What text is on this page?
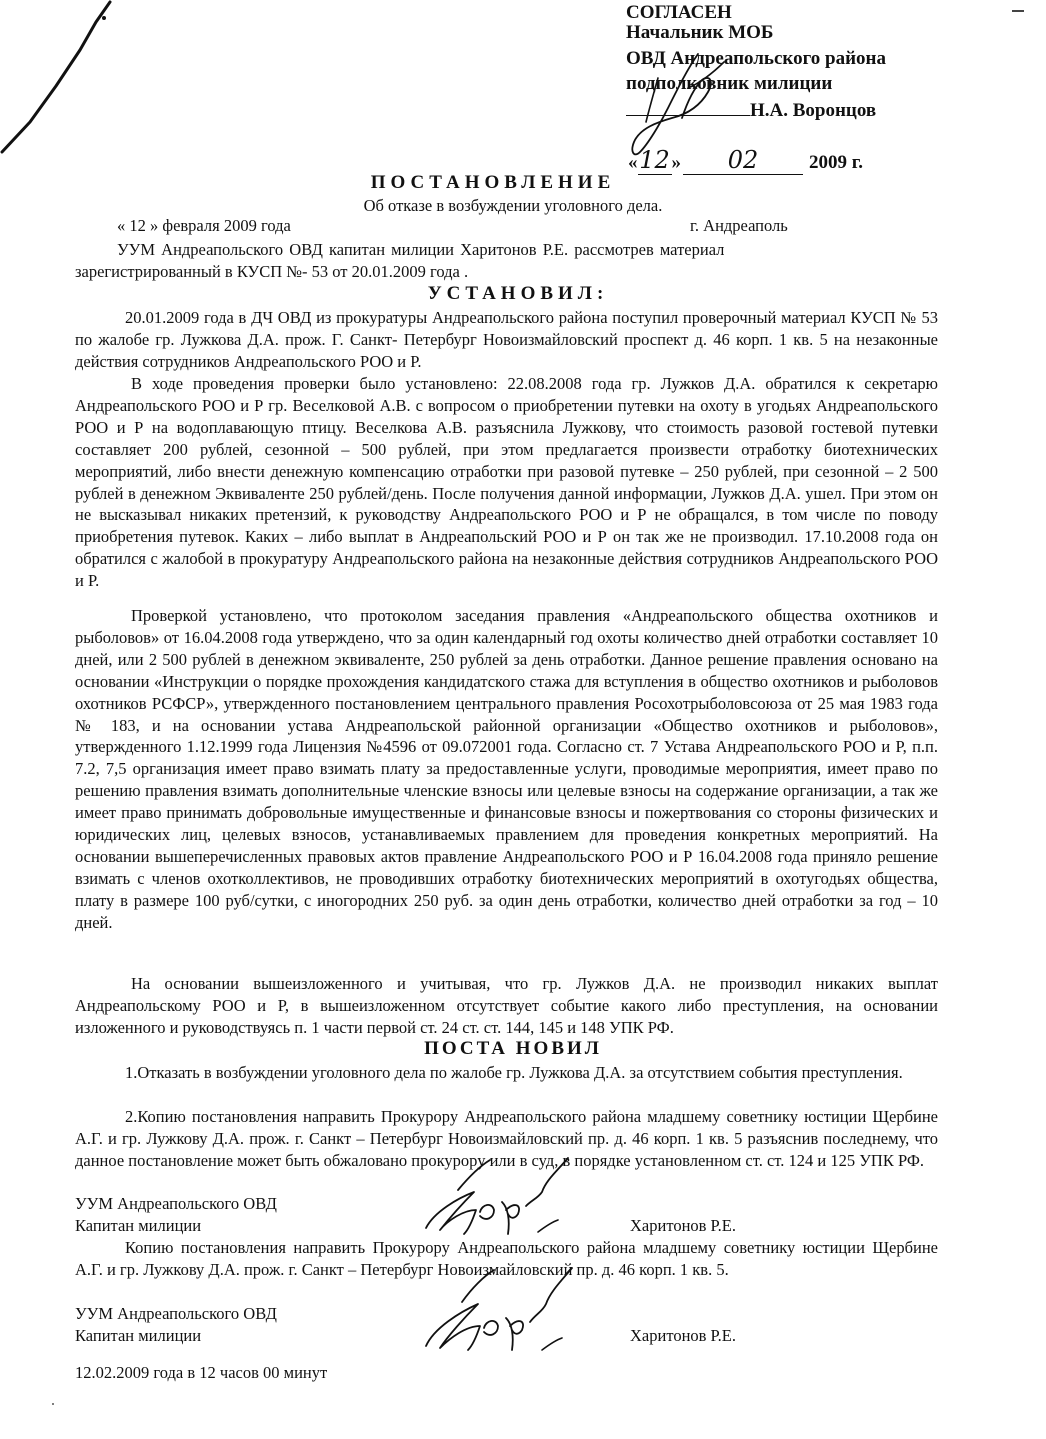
СОГЛАСЕН
Начальник МОБ
ОВД Андреапольского района
подполковник милиции
Н.А. Воронцов
«12» 02	2009 г.
ПОСТАНОВЛЕНИЕ
Об отказе в возбуждении уголовного дела.
« 12 » февраля 2009 года	г. Андреаполь
УУМ Андреапольского ОВД капитан милиции Харитонов Р.Е. рассмотрев материал
зарегистрированный в КУСП №- 53 от 20.01.2009 года .
УСТАНОВИЛ:
20.01.2009 года в ДЧ ОВД из прокуратуры Андреапольского района поступил проверочный материал КУСП № 53 по жалобе гр. Лужкова Д.А. прож. Г. Санкт- Петербург Новоизмайловский проспект д. 46 корп. 1 кв. 5 на незаконные действия сотрудников Андреапольского РОО и Р.
В ходе проведения проверки было установлено: 22.08.2008 года гр. Лужков Д.А. обратился к секретарю Андреапольского РОО и Р гр. Веселковой А.В. с вопросом о приобретении путевки на охоту в угодьях Андреапольского РОО и Р на водоплавающую птицу. Веселкова А.В. разъяснила Лужкову, что стоимость разовой гостевой путевки составляет 200 рублей, сезонной – 500 рублей, при этом предлагается произвести отработку биотехнических мероприятий, либо внести денежную компенсацию отработки при разовой путевке – 250 рублей, при сезонной – 2 500 рублей в денежном Эквиваленте 250 рублей/день. После получения данной информации, Лужков Д.А. ушел. При этом он не высказывал никаких претензий, к руководству Андреапольского РОО и Р не обращался, в том числе по поводу приобретения путевок. Каких – либо выплат в Андреапольский РОО и Р он так же не производил. 17.10.2008 года он обратился с жалобой в прокуратуру Андреапольского района на незаконные действия сотрудников Андреапольского РОО и Р.
Проверкой установлено, что протоколом заседания правления «Андреапольского общества охотников и рыболовов» от 16.04.2008 года утверждено, что за один календарный год охоты количество дней отработки составляет 10 дней, или 2 500 рублей в денежном эквиваленте, 250 рублей за день отработки. Данное решение правления основано на основании «Инструкции о порядке прохождения кандидатского стажа для вступления в общество охотников и рыболовов охотников РСФСР», утвержденного постановлением центрального правления Росохотрыболовсоюза от 25 мая 1983 года № 183, и на основании устава Андреапольской районной организации «Общество охотников и рыболовов», утвержденного 1.12.1999 года Лицензия №4596 от 09.072001 года. Согласно ст. 7 Устава Андреапольского РОО и Р, п.п. 7.2, 7,5 организация имеет право взимать плату за предоставленные услуги, проводимые мероприятия, имеет право по решению правления взимать дополнительные членские взносы или целевые взносы на содержание организации, а так же имеет право принимать добровольные имущественные и финансовые взносы и пожертвования со стороны физических и юридических лиц, целевых взносов, устанавливаемых правлением для проведения конкретных мероприятий. На основании вышеперечисленных правовых актов правление Андреапольского РОО и Р 16.04.2008 года приняло решение взимать с членов охотколлективов, не проводивших отработку биотехнических мероприятий в охотугодьях общества, плату в размере 100 руб/сутки, с иногородних 250 руб. за один день отработки, количество дней отработки за год – 10 дней.
На основании вышеизложенного и учитывая, что гр. Лужков Д.А. не производил никаких выплат Андреапольскому РОО и Р, в вышеизложенном отсутствует событие какого либо преступления, на основании изложенного и руководствуясь п. 1 части первой ст. 24 ст. ст. 144, 145 и 148 УПК РФ.
ПОСТА НОВИЛ
1.Отказать в возбуждении уголовного дела по жалобе гр. Лужкова Д.А. за отсутствием события преступления.
2.Копию постановления направить Прокурору Андреапольского района младшему советнику юстиции Щербине А.Г. и гр. Лужкову Д.А. прож. г. Санкт – Петербург Новоизмайловский пр. д. 46 корп. 1 кв. 5 разъяснив последнему, что данное постановление может быть обжаловано прокурору или в суд, в порядке установленном ст. ст. 124 и 125 УПК РФ.
УУМ Андреапольского ОВД
Капитан милиции	Харитонов Р.Е.
Копию постановления направить Прокурору Андреапольского района младшему советнику юстиции Щербине А.Г. и гр. Лужкову Д.А. прож. г. Санкт – Петербург Новоизмайловский пр. д. 46 корп. 1 кв. 5.
УУМ Андреапольского ОВД
Капитан милиции	Харитонов Р.Е.
12.02.2009 года в 12 часов 00 минут
